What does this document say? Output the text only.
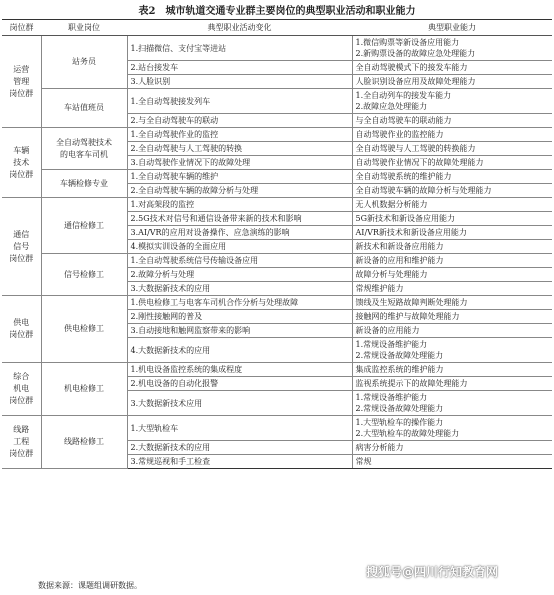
表2　城市轨道交通专业群主要岗位的典型职业活动和职业能力
岗位群	职业岗位	典型职业活动变化	典型职业能力
运营
管理
岗位群	站务员	1.扫描微信、支付宝等进站	1.微信购票等新设备应用能力
2.新购票设备的故障应急处理能力
		2.站台接发车	全自动驾驶模式下的接发车能力
		3.人脸识别	人脸识别设备应用及故障处理能力
	车站值班员	1.全自动驾驶接发列车	1.全自动列车的接发车能力
2.故障应急处理能力
		2.与全自动驾驶车的联动	与全自动驾驶车的联动能力
车辆
技术
岗位群	全自动驾驶技术
的电客车司机	1.全自动驾驶作业的监控	自动驾驶作业的监控能力
		2.全自动驾驶与人工驾驶的转换	全自动驾驶与人工驾驶的转换能力
		3.自动驾驶作业情况下的故障处理	自动驾驶作业情况下的故障处理能力
	车辆检修专业	1.全自动驾驶车辆的维护	全自动驾驶系统的维护能力
		2.全自动驾驶车辆的故障分析与处理	全自动驾驶车辆的故障分析与处理能力
通信
信号
岗位群	通信检修工	1.对高架段的监控	无人机数据分析能力
		2.5G技术对信号和通信设备带来新的技术和影响	5G新技术和新设备应用能力
		3.AI/VR的应用对设备操作、应急演练的影响	AI/VR新技术和新设备应用能力
		4.模拟实训设备的全面应用	新技术和新设备应用能力
	信号检修工	1.全自动驾驶系统信号传输设备应用	新设备的应用和维护能力
		2.故障分析与处理	故障分析与处理能力
		3.大数据新技术的应用	常规维护能力
供电
岗位群	供电检修工	1.供电检修工与电客车司机合作分析与处理故障	馈线及生短路故障判断处理能力
		2.刚性接触网的普及	接触网的维护与故障处理能力
		3.自动接地和触网监察带来的影响	新设备的应用能力
		4.大数据新技术的应用	1.常规设备维护能力
2.常规设备故障处理能力
综合
机电
岗位群	机电检修工	1.机电设备监控系统的集成程度	集成监控系统的维护能力
		2.机电设备的自动化报警	监视系统提示下的故障处理能力
		3.大数据新技术应用	1.常规设备维护能力
2.常规设备故障处理能力
线路
工程
岗位群	线路检修工	1.大型轨检车	1.大型轨检车的操作能力
2.大型轨检车的故障处理能力
		2.大数据新技术的应用	病害分析能力
		3.常规巡视和手工检查	常规
数据来源：课题组调研数据。
搜狐号@四川行知教育网
